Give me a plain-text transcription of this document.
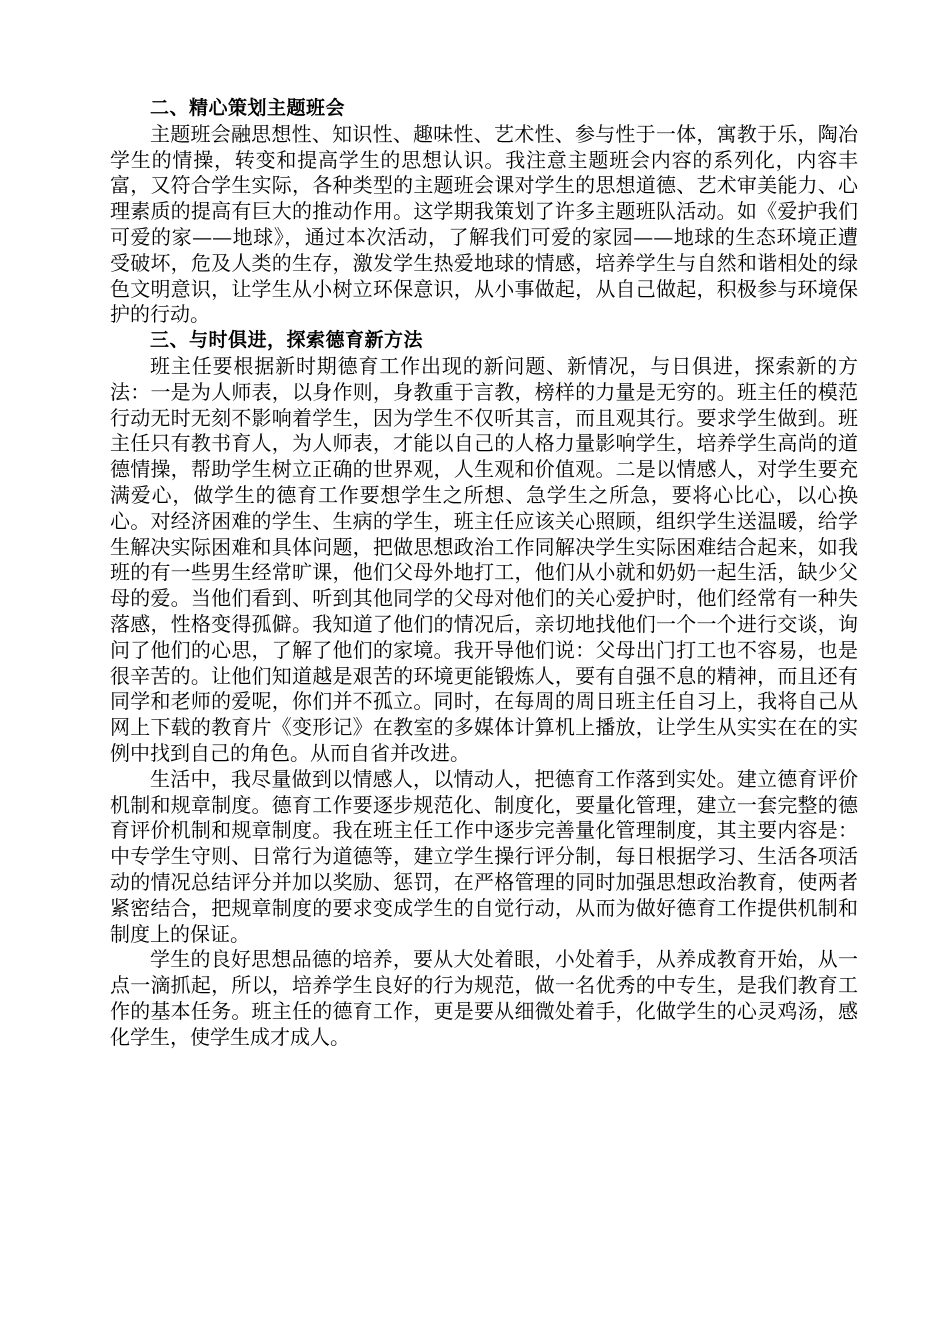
二、精心策划主题班会

主题班会融思想性、知识性、趣味性、艺术性、参与性于一体，寓教于乐，陶冶学生的情操，转变和提高学生的思想认识。我注意主题班会内容的系列化，内容丰富，又符合学生实际，各种类型的主题班会课对学生的思想道德、艺术审美能力、心理素质的提高有巨大的推动作用。这学期我策划了许多主题班队活动。如《爱护我们可爱的家——地球》，通过本次活动，了解我们可爱的家园——地球的生态环境正遭受破坏，危及人类的生存，激发学生热爱地球的情感，培养学生与自然和谐相处的绿色文明意识，让学生从小树立环保意识，从小事做起，从自己做起，积极参与环境保护的行动。

三、与时俱进，探索德育新方法

班主任要根据新时期德育工作出现的新问题、新情况，与日俱进，探索新的方法：一是为人师表，以身作则，身教重于言教，榜样的力量是无穷的。班主任的模范行动无时无刻不影响着学生，因为学生不仅听其言，而且观其行。要求学生做到。班主任只有教书育人，为人师表，才能以自己的人格力量影响学生，培养学生高尚的道德情操，帮助学生树立正确的世界观，人生观和价值观。二是以情感人，对学生要充满爱心，做学生的德育工作要想学生之所想、急学生之所急，要将心比心，以心换心。对经济困难的学生、生病的学生，班主任应该关心照顾，组织学生送温暖，给学生解决实际困难和具体问题，把做思想政治工作同解决学生实际困难结合起来，如我班的有一些男生经常旷课，他们父母外地打工，他们从小就和奶奶一起生活，缺少父母的爱。当他们看到、听到其他同学的父母对他们的关心爱护时，他们经常有一种失落感，性格变得孤僻。我知道了他们的情况后，亲切地找他们一个一个进行交谈，询问了他们的心思，了解了他们的家境。我开导他们说：父母出门打工也不容易，也是很辛苦的。让他们知道越是艰苦的环境更能锻炼人，要有自强不息的精神，而且还有同学和老师的爱呢，你们并不孤立。同时，在每周的周日班主任自习上，我将自己从网上下载的教育片《变形记》在教室的多媒体计算机上播放，让学生从实实在在的实例中找到自己的角色。从而自省并改进。

生活中，我尽量做到以情感人，以情动人，把德育工作落到实处。建立德育评价机制和规章制度。德育工作要逐步规范化、制度化，要量化管理，建立一套完整的德育评价机制和规章制度。我在班主任工作中逐步完善量化管理制度，其主要内容是：中专学生守则、日常行为道德等，建立学生操行评分制，每日根据学习、生活各项活动的情况总结评分并加以奖励、惩罚，在严格管理的同时加强思想政治教育，使两者紧密结合，把规章制度的要求变成学生的自觉行动，从而为做好德育工作提供机制和制度上的保证。

学生的良好思想品德的培养，要从大处着眼，小处着手，从养成教育开始，从一点一滴抓起，所以，培养学生良好的行为规范，做一名优秀的中专生，是我们教育工作的基本任务。班主任的德育工作，更是要从细微处着手，化做学生的心灵鸡汤，感化学生，使学生成才成人。
